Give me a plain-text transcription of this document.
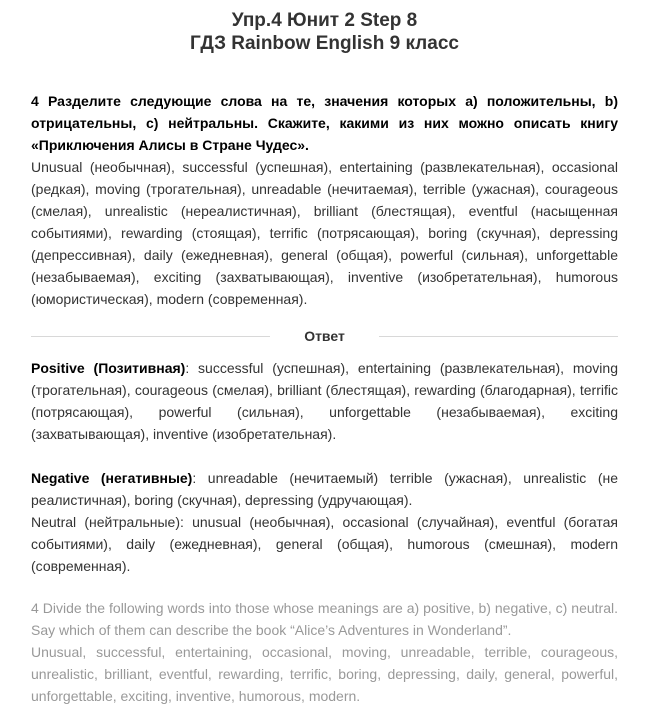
Упр.4 Юнит 2 Step 8
ГДЗ Rainbow English 9 класс

4 Разделите следующие слова на те, значения которых а) положительны, b) отрицательны, с) нейтральны. Скажите, какими из них можно описать книгу «Приключения Алисы в Стране Чудес».

Unusual (необычная), successful (успешная), entertaining (развлекательная), occasional (редкая), moving (трогательная), unreadable (нечитаемая), terrible (ужасная), courageous (смелая), unrealistic (нереалистичная), brilliant (блестящая), eventful (насыщенная событиями), rewarding (стоящая), terrific (потрясающая), boring (скучная), depressing (депрессивная), daily (ежедневная), general (общая), powerful (сильная), unforgettable (незабываемая), exciting (захватывающая), inventive (изобретательная), humorous (юмористическая), modern (современная).

Ответ

Positive (Позитивная): successful (успешная), entertaining (развлекательная), moving (трогательная), courageous (смелая), brilliant (блестящая), rewarding (благодарная), terrific (потрясающая), powerful (сильная), unforgettable (незабываемая), exciting (захватывающая), inventive (изобретательная).

Negative (негативные): unreadable (нечитаемый) terrible (ужасная), unrealistic (не реалистичная), boring (скучная), depressing (удручающая).

Neutral (нейтральные): unusual (необычная), occasional (случайная), eventful (богатая событиями), daily (ежедневная), general (общая), humorous (смешная), modern (современная).

4 Divide the following words into those whose meanings are a) positive, b) negative, c) neutral. Say which of them can describe the book “Alice’s Adventures in Wonderland”.

Unusual, successful, entertaining, occasional, moving, unreadable, terrible, courageous, unrealistic, brilliant, eventful, rewarding, terrific, boring, depressing, daily, general, powerful, unforgettable, exciting, inventive, humorous, modern.
